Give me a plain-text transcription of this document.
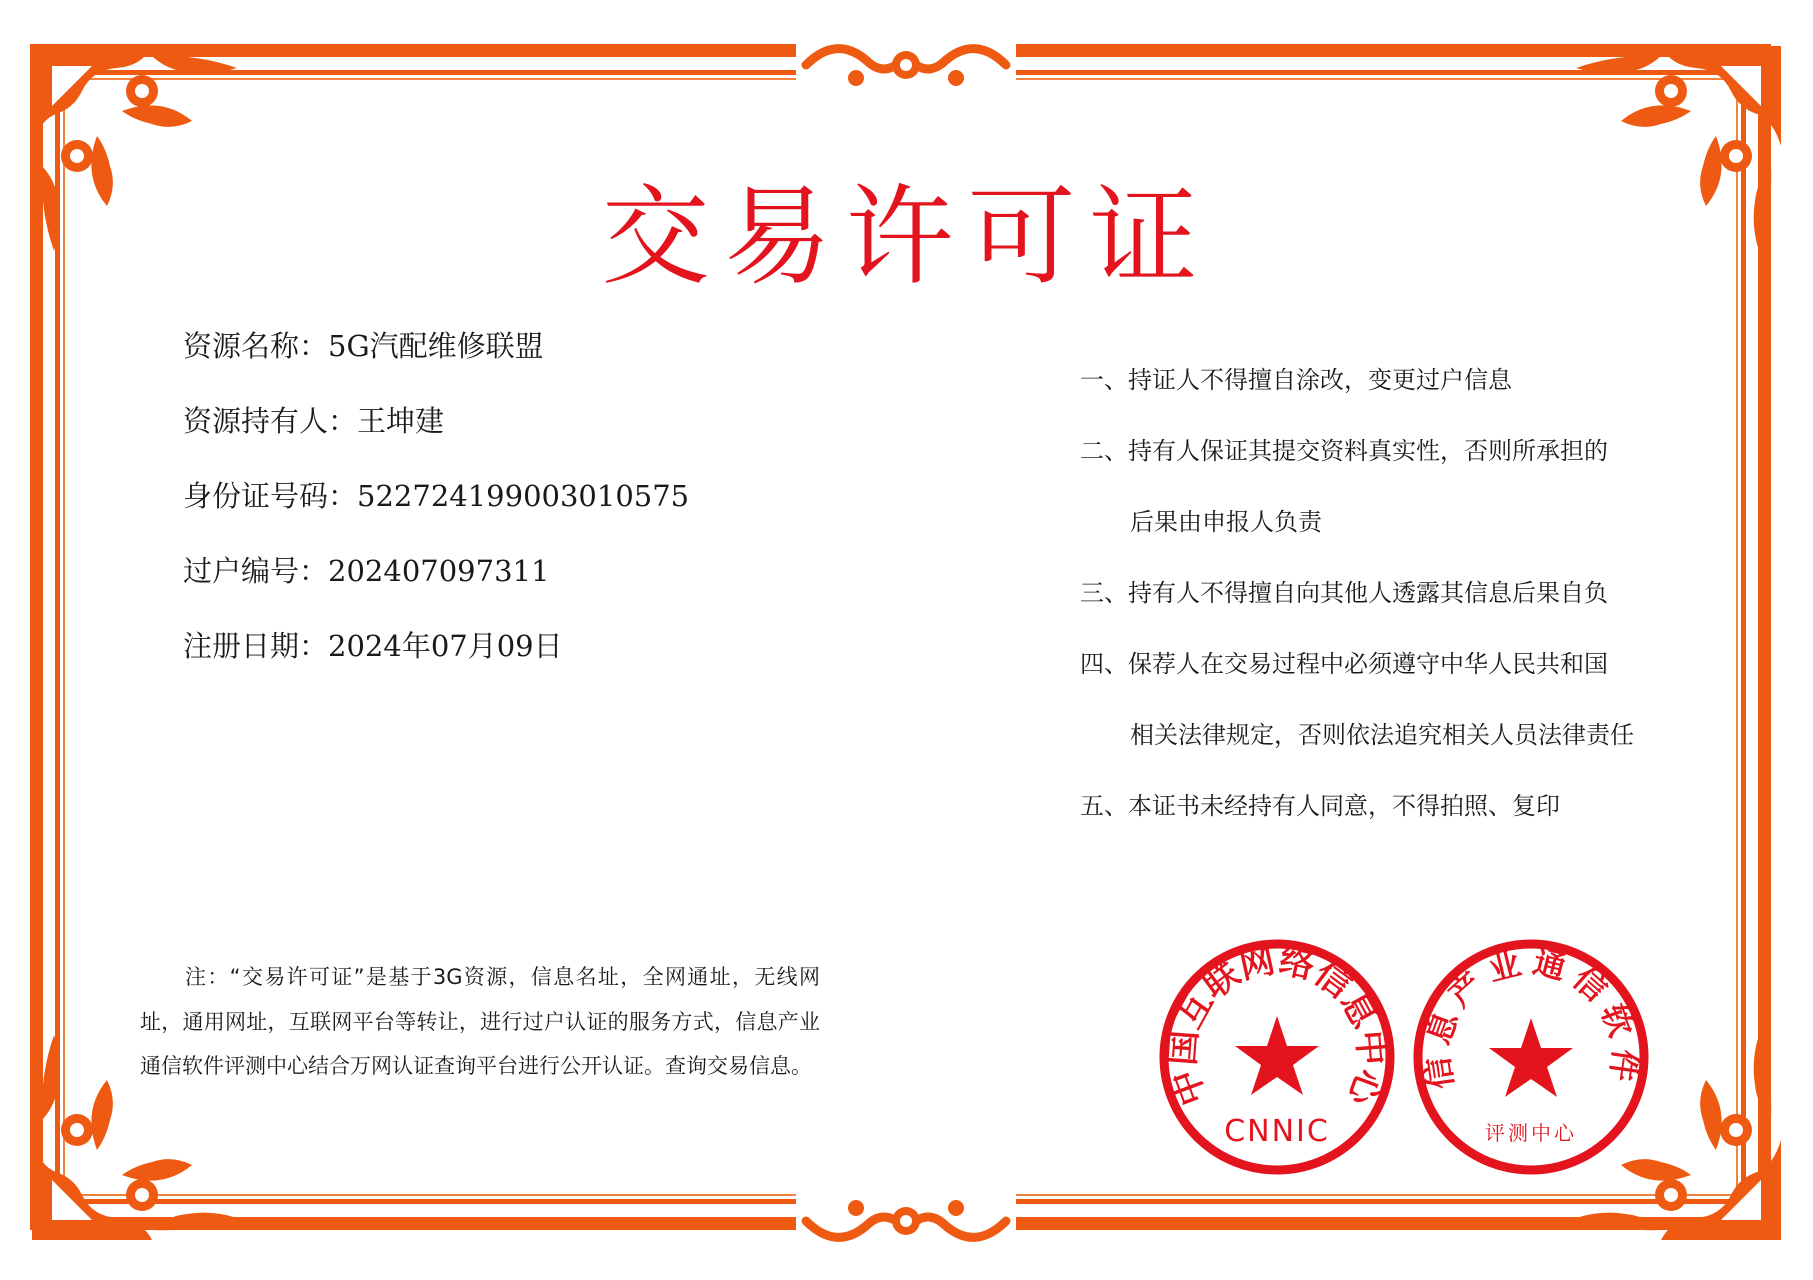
交易许可证
资源名称：5G汽配维修联盟
资源持有人：王坤建
身份证号码：522724199003010575
过户编号：202407097311
注册日期：2024年07月09日
一、持证人不得擅自涂改，变更过户信息
二、持有人保证其提交资料真实性，否则所承担的
后果由申报人负责
三、持有人不得擅自向其他人透露其信息后果自负
四、保荐人在交易过程中必须遵守中华人民共和国
相关法律规定，否则依法追究相关人员法律责任
五、本证书未经持有人同意，不得拍照、复印
注：“交易许可证”是基于3G资源，信息名址，全网通址，无线网址，通用网址，互联网平台等转让，进行过户认证的服务方式，信息产业通信软件评测中心结合万网认证查询平台进行公开认证。查询交易信息。	中国互联网络信息中心
CNNIC
信息产业通信软件
评测中心
